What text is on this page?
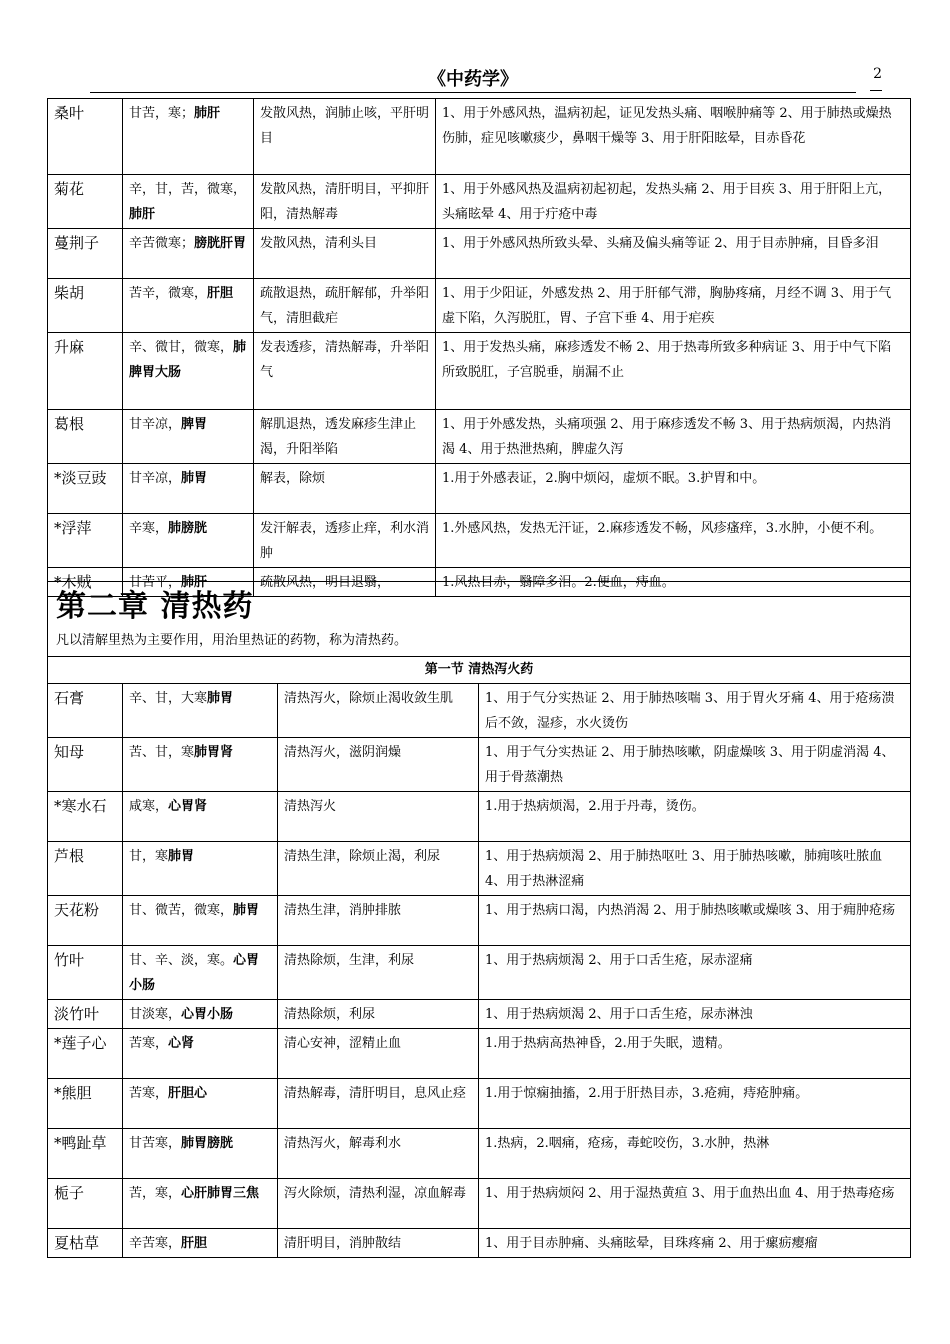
《中药学》	2
桑叶	甘苦，寒；肺肝	发散风热，润肺止咳，平肝明目	1、用于外感风热，温病初起，证见发热头痛、咽喉肿痛等 2、用于肺热或燥热伤肺，症见咳嗽痰少，鼻咽干燥等 3、用于肝阳眩晕，目赤昏花
菊花	辛，甘，苦，微寒，肺肝	发散风热，清肝明目，平抑肝阳，清热解毒	1、用于外感风热及温病初起初起，发热头痛 2、用于目疾 3、用于肝阳上亢，头痛眩晕 4、用于疔疮中毒
蔓荆子	辛苦微寒；膀胱肝胃	发散风热，清利头目	1、用于外感风热所致头晕、头痛及偏头痛等证 2、用于目赤肿痛，目昏多泪
柴胡	苦辛，微寒，肝胆	疏散退热，疏肝解郁，升举阳气，清胆截疟	1、用于少阳证，外感发热 2、用于肝郁气滞，胸胁疼痛，月经不调 3、用于气虚下陷，久泻脱肛，胃、子宫下垂 4、用于疟疾
升麻	辛、微甘，微寒，肺脾胃大肠	发表透疹，清热解毒，升举阳气	1、用于发热头痛，麻疹透发不畅 2、用于热毒所致多种病证 3、用于中气下陷所致脱肛，子宫脱垂，崩漏不止
葛根	甘辛凉，脾胃	解肌退热，透发麻疹生津止渴，升阳举陷	1、用于外感发热，头痛项强 2、用于麻疹透发不畅 3、用于热病烦渴，内热消渴 4、用于热泄热痢，脾虚久泻
*淡豆豉	甘辛凉，肺胃	解表，除烦	1.用于外感表证，2.胸中烦闷，虚烦不眠。3.护胃和中。
*浮萍	辛寒，肺膀胱	发汗解表，透疹止痒，利水消肿	1.外感风热，发热无汗证，2.麻疹透发不畅，风疹瘙痒，3.水肿，小便不利。
*木贼	甘苦平，肺肝	疏散风热，明目退翳，	1.风热目赤，翳障多泪。2.便血，痔血。
第二章 清热药
凡以清解里热为主要作用，用治里热证的药物，称为清热药。			

第一节 清热泻火药			
石膏	辛、甘，大寒肺胃	清热泻火，除烦止渴收敛生肌	1、用于气分实热证 2、用于肺热咳喘 3、用于胃火牙痛 4、用于疮疡溃后不敛，湿疹，水火烫伤
知母	苦、甘，寒肺胃肾	清热泻火，滋阴润燥	1、用于气分实热证 2、用于肺热咳嗽，阴虚燥咳 3、用于阴虚消渴 4、用于骨蒸潮热
*寒水石	咸寒，心胃肾	清热泻火	1.用于热病烦渴，2.用于丹毒，烫伤。
芦根	甘，寒肺胃	清热生津，除烦止渴，利尿	1、用于热病烦渴 2、用于肺热呕吐 3、用于肺热咳嗽，肺痈咳吐脓血 4、用于热淋涩痛
天花粉	甘、微苦，微寒，肺胃	清热生津，消肿排脓	1、用于热病口渴，内热消渴 2、用于肺热咳嗽或燥咳 3、用于痈肿疮疡
竹叶	甘、辛、淡，寒。心胃小肠	清热除烦，生津，利尿	1、用于热病烦渴 2、用于口舌生疮，尿赤涩痛
淡竹叶	甘淡寒，心胃小肠	清热除烦，利尿	1、用于热病烦渴 2、用于口舌生疮，尿赤淋浊
*莲子心	苦寒，心肾	清心安神，涩精止血	1.用于热病高热神昏，2.用于失眠，遗精。
*熊胆	苦寒，肝胆心	清热解毒，清肝明目，息风止痉	1.用于惊痫抽搐，2.用于肝热目赤，3.疮痈，痔疮肿痛。
*鸭趾草	甘苦寒，肺胃膀胱	清热泻火，解毒利水	1.热病，2.咽痛，疮疡，毒蛇咬伤，3.水肿，热淋
栀子	苦，寒，心肝肺胃三焦	泻火除烦，清热利湿，凉血解毒	1、用于热病烦闷 2、用于湿热黄疸 3、用于血热出血 4、用于热毒疮疡
夏枯草	辛苦寒，肝胆	清肝明目，消肿散结	1、用于目赤肿痛、头痛眩晕，目珠疼痛 2、用于瘰疬瘿瘤
